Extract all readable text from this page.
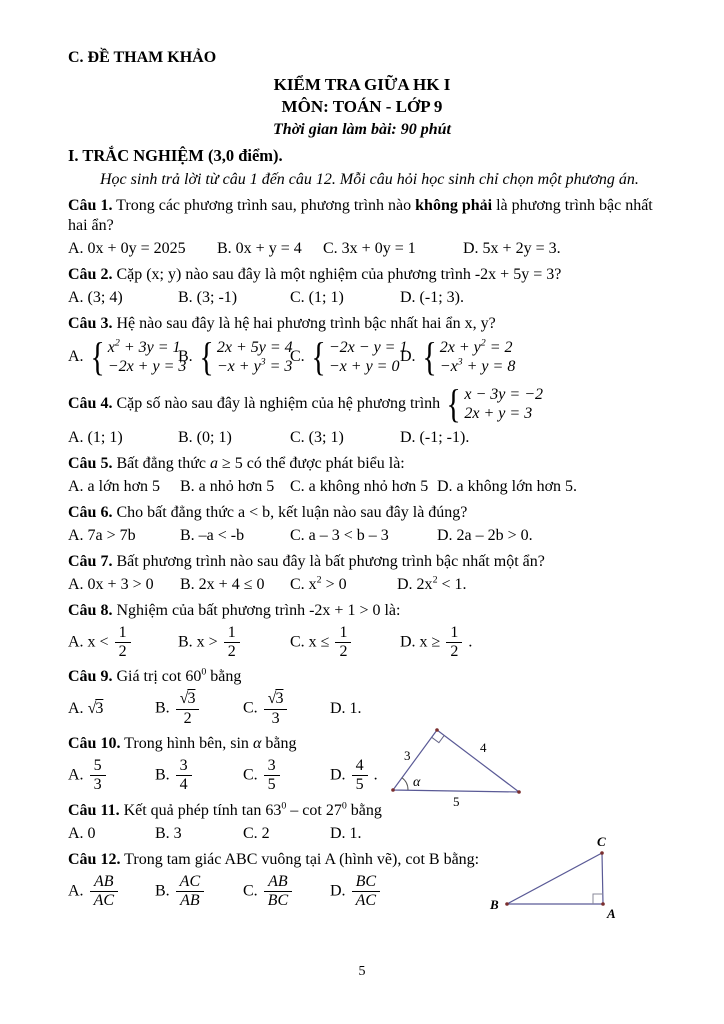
C. ĐỀ THAM KHẢO

KIỂM TRA GIỮA HK I

MÔN: TOÁN - LỚP 9

Thời gian làm bài: 90 phút

I. TRẮC NGHIỆM (3,0 điểm).

Học sinh trả lời từ câu 1 đến câu 12. Mỗi câu hỏi học sinh chỉ chọn một phương án.

Câu 1. Trong các phương trình sau, phương trình nào không phải là phương trình bậc nhất hai ẩn?

A. 0x + 0y = 2025	B. 0x + y = 4	C. 3x + 0y = 1	D. 5x + 2y = 3.

Câu 2. Cặp (x; y) nào sau đây là một nghiệm của phương trình -2x + 5y = 3?

A. (3; 4)	B. (3; -1)	C. (1; 1)	D. (-1; 3).

Câu 3. Hệ nào sau đây là hệ hai phương trình bậc nhất hai ẩn x, y?

A. { $x^2 + 3y = 1$
−2x + y = 3
B. { 2x + 5y = 4
$-x + y^3 = 3$
C. { −2x − y = 1
−x + y = 0
D. { $2x + y^2 = 2$
$-x^3 + y = 8$

Câu 4. Cặp số nào sau đây là nghiệm của hệ phương trình { x − 3y = −2
2x + y = 3

A. (1; 1)	B. (0; 1)	C. (3; 1)	D. (-1; -1).

Câu 5. Bất đẳng thức a ≥ 5 có thể được phát biểu là:

A. a lớn hơn 5	B. a nhỏ hơn 5 C. a không nhỏ hơn 5 D. a không lớn hơn 5.

Câu 6. Cho bất đẳng thức a < b, kết luận nào sau đây là đúng?

A. 7a > 7b	B. –a < -b	C. a – 3 < b – 3	D. 2a – 2b > 0.

Câu 7. Bất phương trình nào sau đây là bất phương trình bậc nhất một ẩn?

A. 0x + 3 > 0	B. 2x + 4 ≤ 0	C. $x^2 > 0$	D. $2x^2 < 1$.

Câu 8. Nghiệm của bất phương trình -2x + 1 > 0 là:

A. $x < \frac{1}{2}$	B. $x > \frac{1}{2}$	C. $x \le \frac{1}{2}$	D. $x \ge \frac{1}{2}$ .

Câu 9. Giá trị $\cot 60^0$ bằng

A. √3	B. $\frac{√3}{2}$	C. $\frac{√3}{3}$	D. 1.
3
4
5
α

Câu 10. Trong hình bên, sin α bằng

A. $\frac{5}{3}$	B. $\frac{3}{4}$	C. $\frac{3}{5}$	D. $\frac{4}{5}$ .

Câu 11. Kết quả phép tính $\tan 63^0$ – $\cot 27^0$ bằng

A. 0	B. 3	C. 2	D. 1.
B
A
C

Câu 12. Trong tam giác ABC vuông tại A (hình vẽ), cot B bằng:

A. $\frac{AB}{AC} B$. $\frac{AC}{AB} C$. $\frac{AB}{BC} D$. $\frac{BC}{AC}$

5
